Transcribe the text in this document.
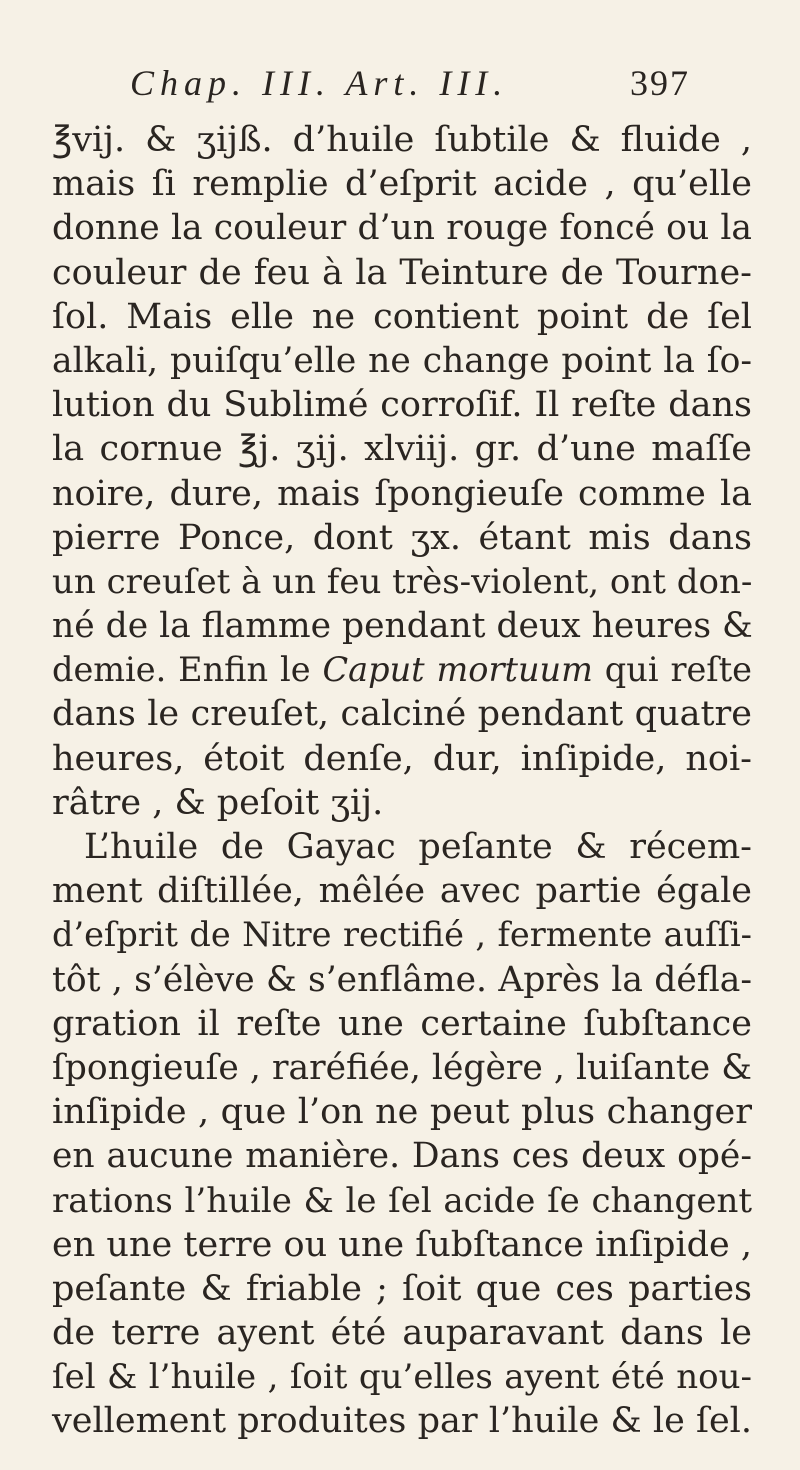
Chap. III. Art. III.	397
℥vij. & ʒijß. d’huile ſubtile & fluide ,
mais ſi remplie d’eſprit acide , qu’elle
donne la couleur d’un rouge foncé ou la
couleur de feu à la Teinture de Tourne-
ſol. Mais elle ne contient point de ſel
alkali, puiſqu’elle ne change point la ſo-
lution du Sublimé corroſif. Il reſte dans
la cornue ℥j. ʒij. xlviij. gr. d’une maſſe
noire, dure, mais ſpongieuſe comme la
pierre Ponce, dont ʒx. étant mis dans
un creuſet à un feu très-violent, ont don-
né de la flamme pendant deux heures &
demie. Enfin le Caput mortuum qui reſte
dans le creuſet, calciné pendant quatre
heures, étoit denſe, dur, inſipide, noi-
râtre , & peſoit ʒij.
L’huile de Gayac peſante & récem-
ment diſtillée, mêlée avec partie égale
d’eſprit de Nitre rectifié , fermente auſſi-
tôt , s’élève & s’enflâme. Après la défla-
gration il reſte une certaine ſubſtance
ſpongieuſe , raréfiée, légère , luiſante &
inſipide , que l’on ne peut plus changer
en aucune manière. Dans ces deux opé-
rations l’huile & le ſel acide ſe changent
en une terre ou une ſubſtance inſipide ,
peſante & friable ; ſoit que ces parties
de terre ayent été auparavant dans le
ſel & l’huile , ſoit qu’elles ayent été nou-
vellement produites par l’huile & le ſel.
